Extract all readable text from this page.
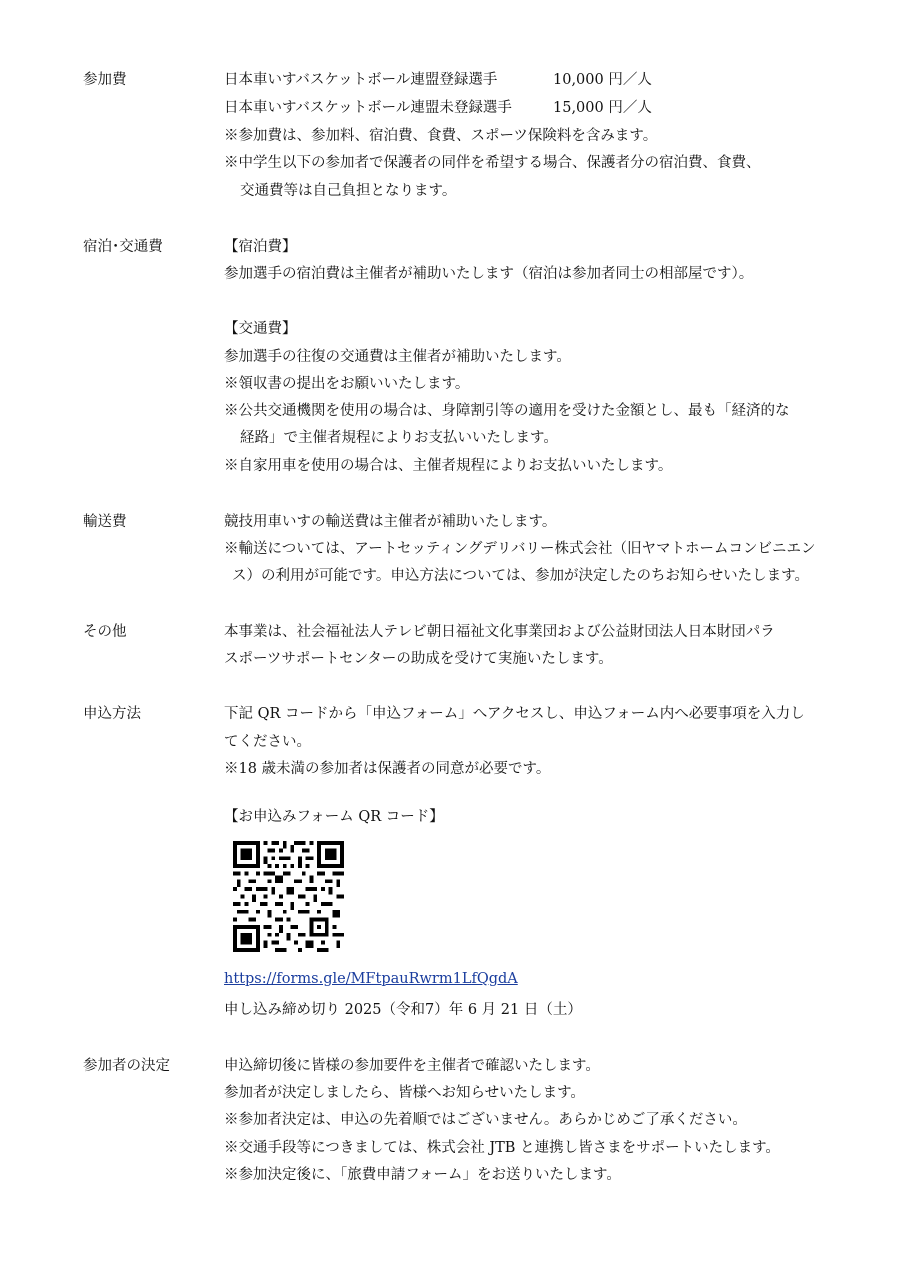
参加費	日本車いすバスケットボール連盟登録選手	10,000 円／人
日本車いすバスケットボール連盟未登録選手	15,000 円／人
※参加費は、参加料、宿泊費、食費、スポーツ保険料を含みます。
※中学生以下の参加者で保護者の同伴を希望する場合、保護者分の宿泊費、食費、
交通費等は自己負担となります。
宿泊･交通費	【宿泊費】
参加選手の宿泊費は主催者が補助いたします（宿泊は参加者同士の相部屋です）。
【交通費】
参加選手の往復の交通費は主催者が補助いたします。
※領収書の提出をお願いいたします。
※公共交通機関を使用の場合は、身障割引等の適用を受けた金額とし、最も「経済的な
経路」で主催者規程によりお支払いいたします。
※自家用車を使用の場合は、主催者規程によりお支払いいたします。
輸送費	競技用車いすの輸送費は主催者が補助いたします。
※輸送については、アートセッティングデリバリー株式会社（旧ヤマトホームコンビニエン
ス）の利用が可能です。申込方法については、参加が決定したのちお知らせいたします。
その他	本事業は、社会福祉法人テレビ朝日福祉文化事業団および公益財団法人日本財団パラ
スポーツサポートセンターの助成を受けて実施いたします。
申込方法	下記 QR コードから「申込フォーム」へアクセスし、申込フォーム内へ必要事項を入力し
てください。
※18 歳未満の参加者は保護者の同意が必要です。
【お申込みフォーム QR コード】
https://forms.gle/MFtpauRwrm1LfQgdA
申し込み締め切り 2025（令和7）年 6 月 21 日（土）
参加者の決定	申込締切後に皆様の参加要件を主催者で確認いたします。
参加者が決定しましたら、皆様へお知らせいたします。
※参加者決定は、申込の先着順ではございません。あらかじめご了承ください。
※交通手段等につきましては、株式会社 JTB と連携し皆さまをサポートいたします。
※参加決定後に、「旅費申請フォーム」をお送りいたします。
